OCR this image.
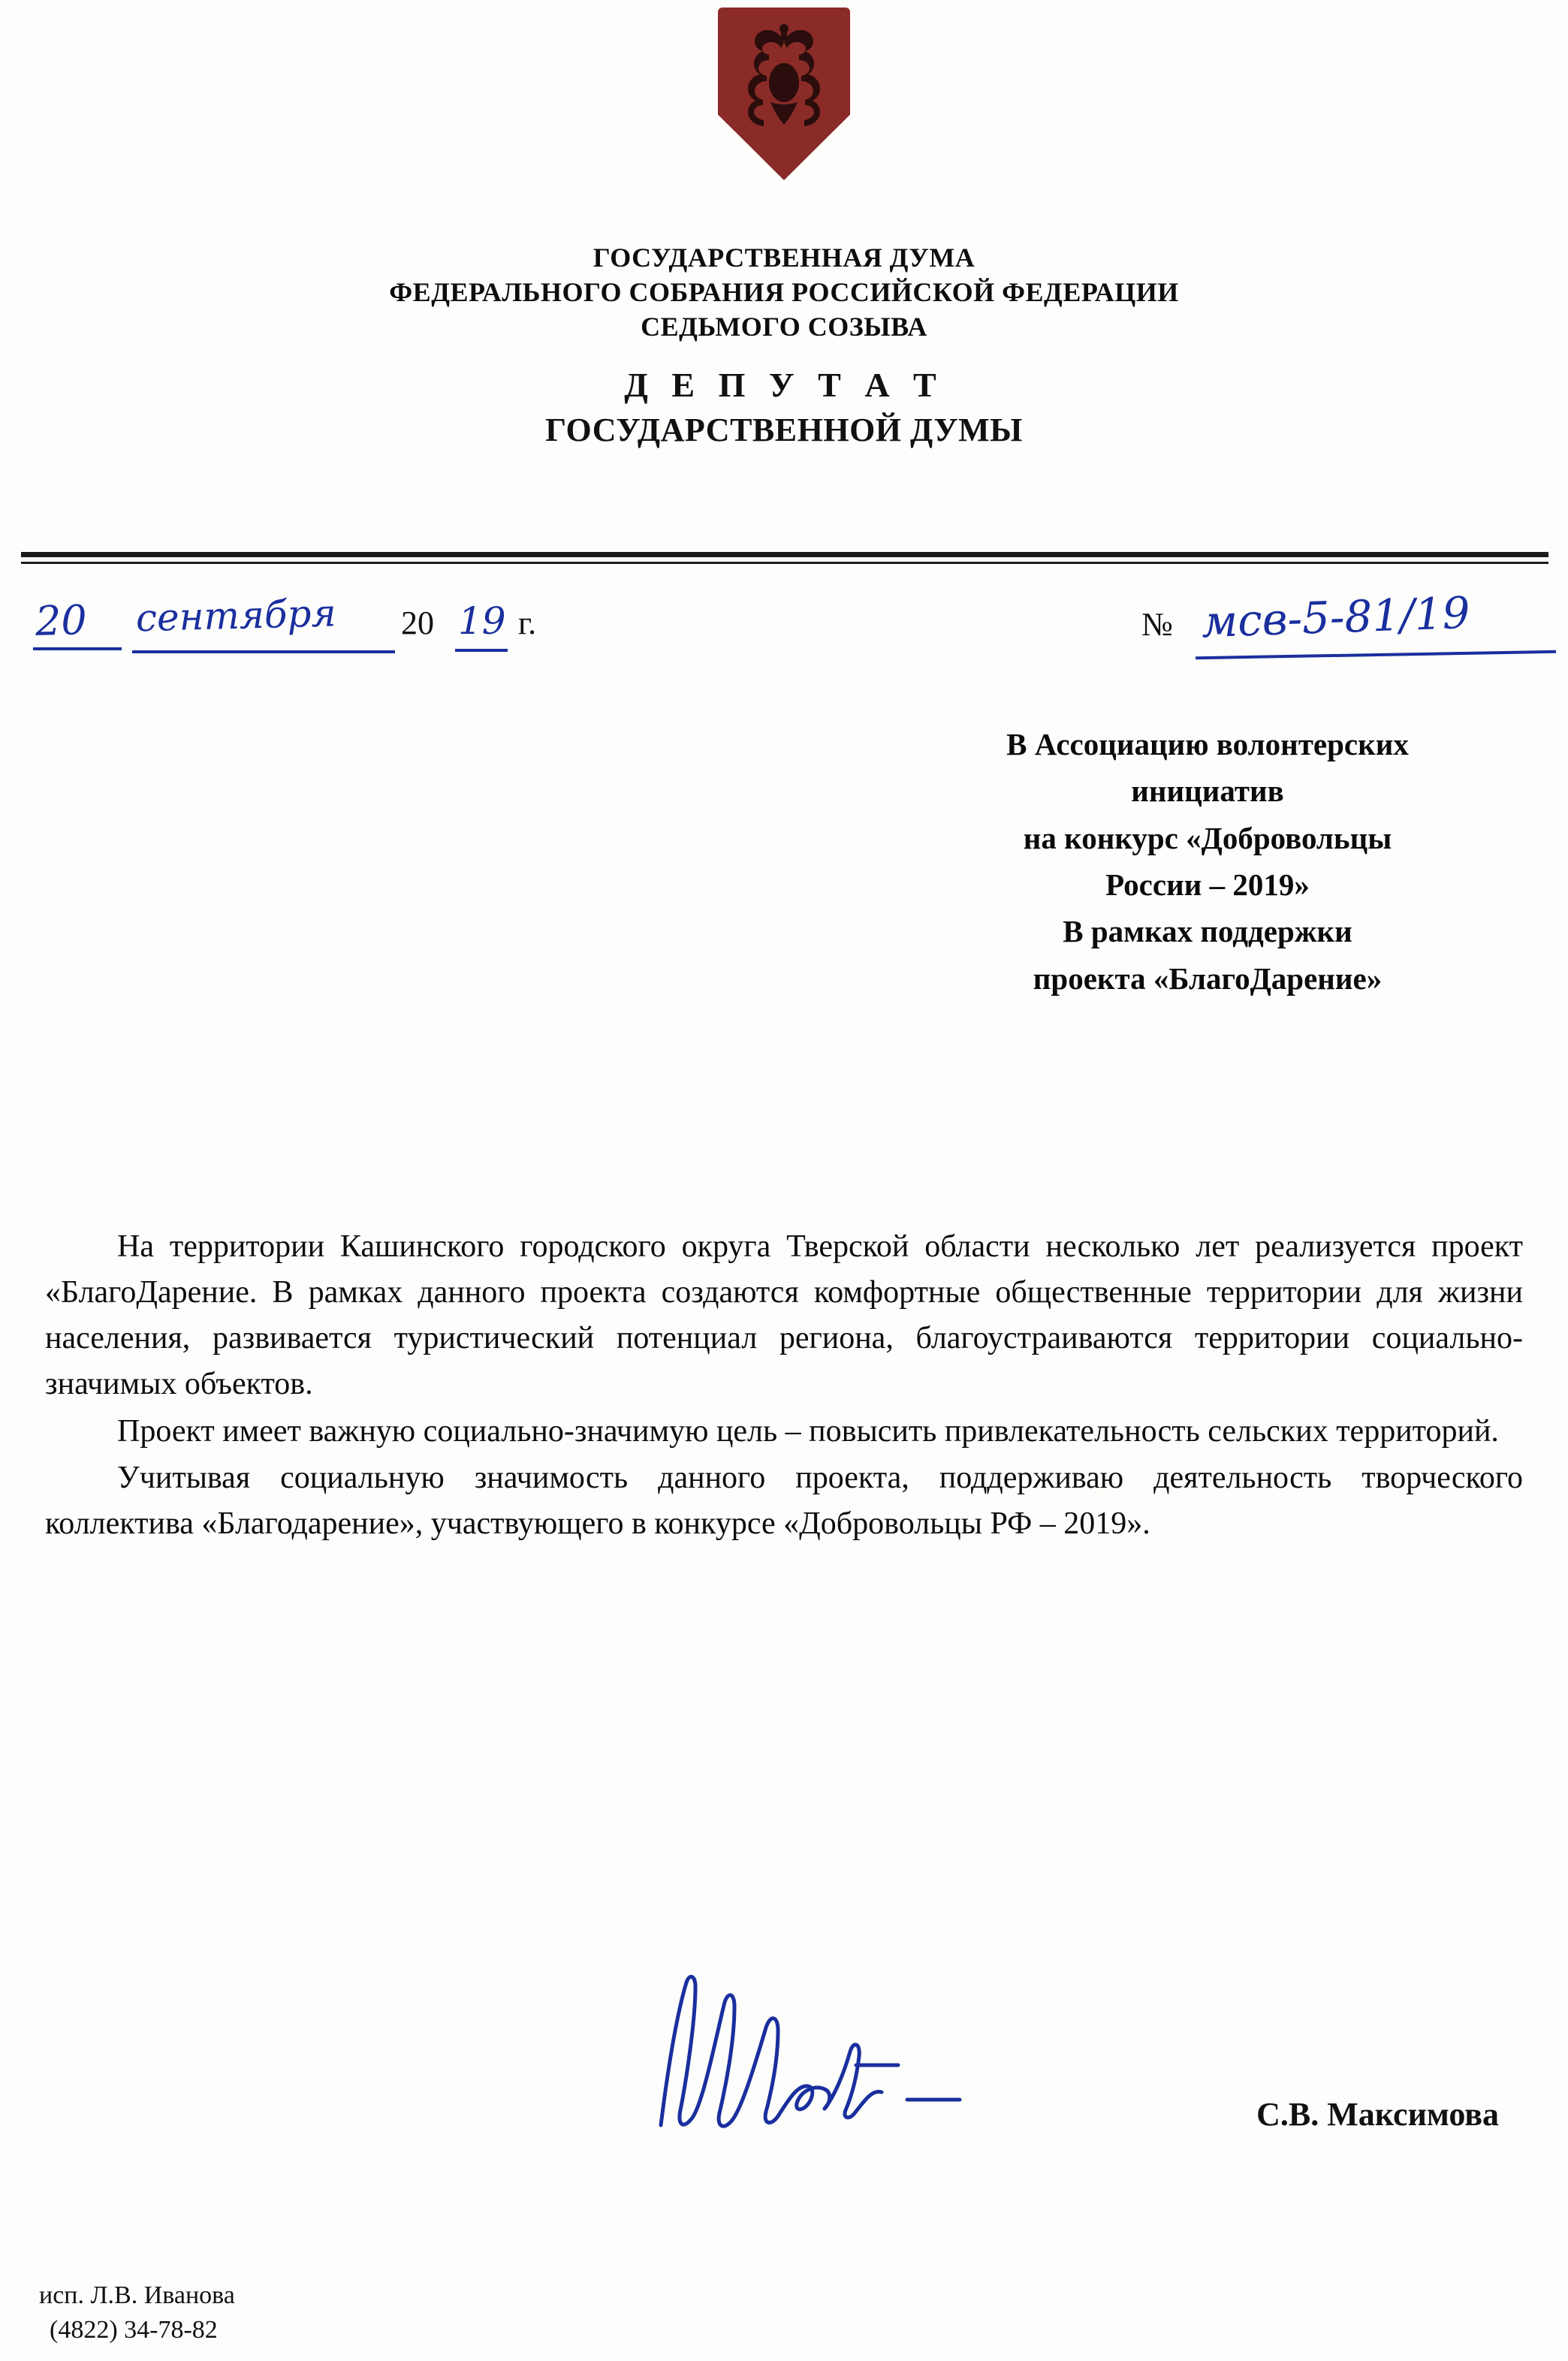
ГОСУДАРСТВЕННАЯ ДУМА
ФЕДЕРАЛЬНОГО СОБРАНИЯ РОССИЙСКОЙ ФЕДЕРАЦИИ
СЕДЬМОГО СОЗЫВА
Д Е П У Т А Т
ГОСУДАРСТВЕННОЙ ДУМЫ
20 сентября 20 19 г.	№ мсв-5-81/19
В Ассоциацию волонтерских
инициатив
на конкурс «Добровольцы
России – 2019»
В рамках поддержки
проекта «БлагоДарение»

На территории Кашинского городского округа Тверской области несколько лет реализуется проект «БлагоДарение. В рамках данного проекта создаются комфортные общественные территории для жизни населения, развивается туристический потенциал региона, благоустраиваются территории социально-значимых объектов.

Проект имеет важную социально-значимую цель – повысить привлекательность сельских территорий.

Учитывая социальную значимость данного проекта, поддерживаю деятельность творческого коллектива «Благодарение», участвующего в конкурсе «Добровольцы РФ – 2019».

С.В. Максимова
исп. Л.В. Иванова
(4822) 34-78-82
